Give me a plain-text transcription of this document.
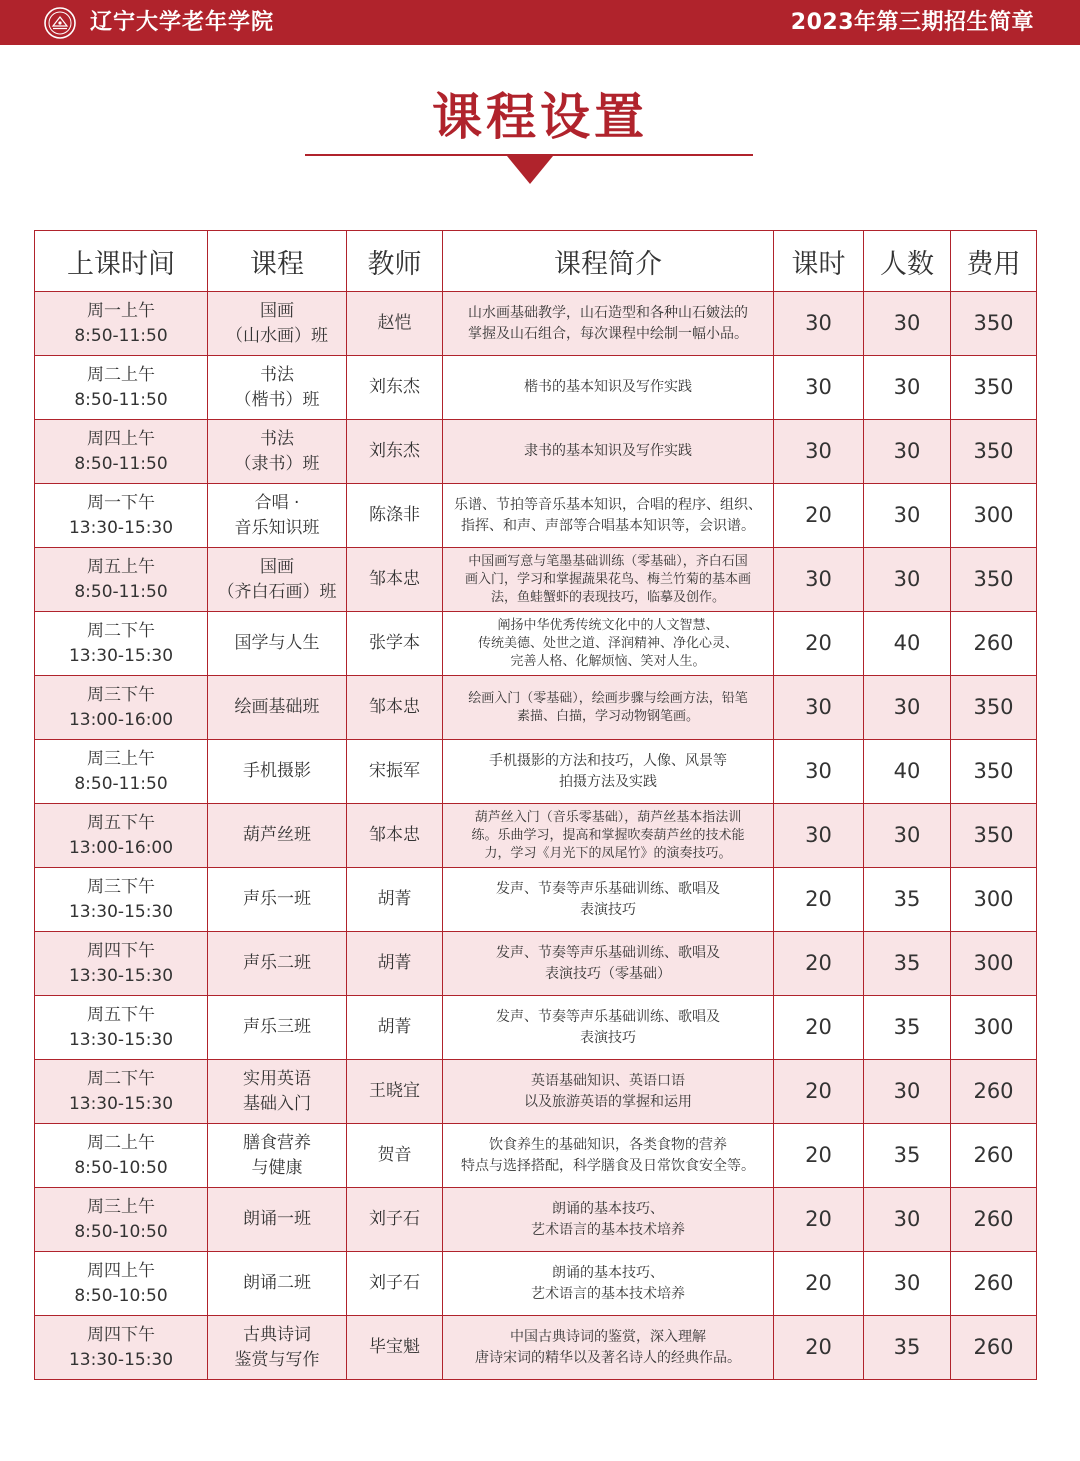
辽宁大学老年学院	2023年第三期招生简章
课程设置
上课时间	课程	教师	课程简介	课时	人数	费用

周一上午
8:50-11:50	国画
（山水画）班	赵恺	山水画基础教学，山石造型和各种山石皴法的
掌握及山石组合，每次课程中绘制一幅小品。	30	30	350

周二上午
8:50-11:50	书法
（楷书）班	刘东杰	楷书的基本知识及写作实践	30	30	350

周四上午
8:50-11:50	书法
（隶书）班	刘东杰	隶书的基本知识及写作实践	30	30	350

周一下午
13:30-15:30	合唱 ·
音乐知识班	陈涤非	乐谱、节拍等音乐基本知识，合唱的程序、组织、
指挥、和声、声部等合唱基本知识等，会识谱。	20	30	300

周五上午
8:50-11:50	国画
（齐白石画）班	邹本忠	中国画写意与笔墨基础训练（零基础），齐白石国
画入门，学习和掌握蔬果花鸟、梅兰竹菊的基本画
法，鱼蛙蟹虾的表现技巧，临摹及创作。	30	30	350

周二下午
13:30-15:30	国学与人生	张学本	阐扬中华优秀传统文化中的人文智慧、
传统美德、处世之道、泽润精神、净化心灵、
完善人格、化解烦恼、笑对人生。	20	40	260

周三下午
13:00-16:00	绘画基础班	邹本忠	绘画入门（零基础），绘画步骤与绘画方法，铅笔
素描、白描，学习动物钢笔画。	30	30	350

周三上午
8:50-11:50	手机摄影	宋振军	手机摄影的方法和技巧，人像、风景等
拍摄方法及实践	30	40	350

周五下午
13:00-16:00	葫芦丝班	邹本忠	葫芦丝入门（音乐零基础），葫芦丝基本指法训
练。乐曲学习，提高和掌握吹奏葫芦丝的技术能
力，学习《月光下的凤尾竹》的演奏技巧。	30	30	350

周三下午
13:30-15:30	声乐一班	胡菁	发声、节奏等声乐基础训练、歌唱及
表演技巧	20	35	300

周四下午
13:30-15:30	声乐二班	胡菁	发声、节奏等声乐基础训练、歌唱及
表演技巧（零基础）	20	35	300

周五下午
13:30-15:30	声乐三班	胡菁	发声、节奏等声乐基础训练、歌唱及
表演技巧	20	35	300

周二下午
13:30-15:30	实用英语
基础入门	王晓宜	英语基础知识、英语口语
以及旅游英语的掌握和运用	20	30	260

周二上午
8:50-10:50	膳食营养
与健康	贺音	饮食养生的基础知识，各类食物的营养
特点与选择搭配，科学膳食及日常饮食安全等。	20	35	260

周三上午
8:50-10:50	朗诵一班	刘子石	朗诵的基本技巧、
艺术语言的基本技术培养	20	30	260

周四上午
8:50-10:50	朗诵二班	刘子石	朗诵的基本技巧、
艺术语言的基本技术培养	20	30	260

周四下午
13:30-15:30	古典诗词
鉴赏与写作	毕宝魁	中国古典诗词的鉴赏，深入理解
唐诗宋词的精华以及著名诗人的经典作品。	20	35	260
